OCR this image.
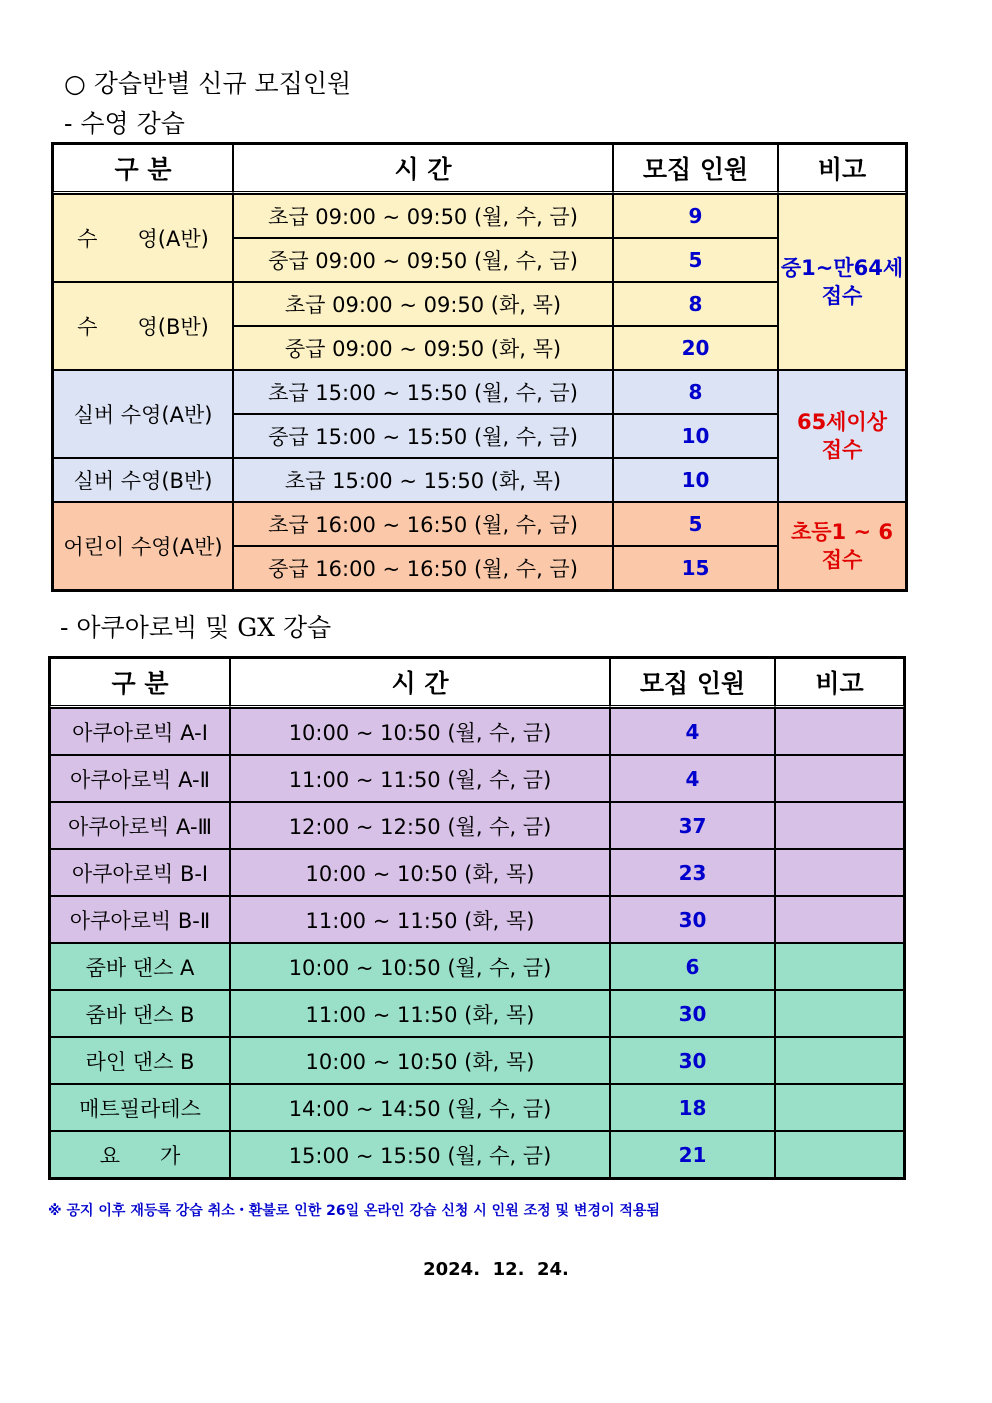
○ 강습반별 신규 모집인원
- 수영 강습
구 분	시 간	모집 인원	비고
수      영(A반)	초급 09:00 ~ 09:50 (월, 수, 금)	9	중1~만64세
접수

	중급 09:00 ~ 09:50 (월, 수, 금)	5	
수      영(B반)	초급 09:00 ~ 09:50 (화, 목)	8	
	중급 09:00 ~ 09:50 (화, 목)	20	
실버 수영(A반)	초급 15:00 ~ 15:50 (월, 수, 금)	8	65세이상
접수

	중급 15:00 ~ 15:50 (월, 수, 금)	10	
실버 수영(B반)	초급 15:00 ~ 15:50 (화, 목)	10	
어린이 수영(A반)	초급 16:00 ~ 16:50 (월, 수, 금)	5	초등1 ~ 6
접수

	중급 16:00 ~ 16:50 (월, 수, 금)	15	
- 아쿠아로빅 및 GX 강습
구 분	시 간	모집 인원	비고
아쿠아로빅 A-Ⅰ	10:00 ~ 10:50 (월, 수, 금)	4	
아쿠아로빅 A-Ⅱ	11:00 ~ 11:50 (월, 수, 금)	4	
아쿠아로빅 A-Ⅲ	12:00 ~ 12:50 (월, 수, 금)	37	
아쿠아로빅 B-Ⅰ	10:00 ~ 10:50 (화, 목)	23	
아쿠아로빅 B-Ⅱ	11:00 ~ 11:50 (화, 목)	30	
줌바 댄스 A	10:00 ~ 10:50 (월, 수, 금)	6	
줌바 댄스 B	11:00 ~ 11:50 (화, 목)	30	
라인 댄스 B	10:00 ~ 10:50 (화, 목)	30	
매트필라테스	14:00 ~ 14:50 (월, 수, 금)	18	
요      가	15:00 ~ 15:50 (월, 수, 금)	21	
※ 공지 이후 재등록 강습 취소・환불로 인한 26일 온라인 강습 신청 시 인원 조정 및 변경이 적용됨
2024.  12.  24.
